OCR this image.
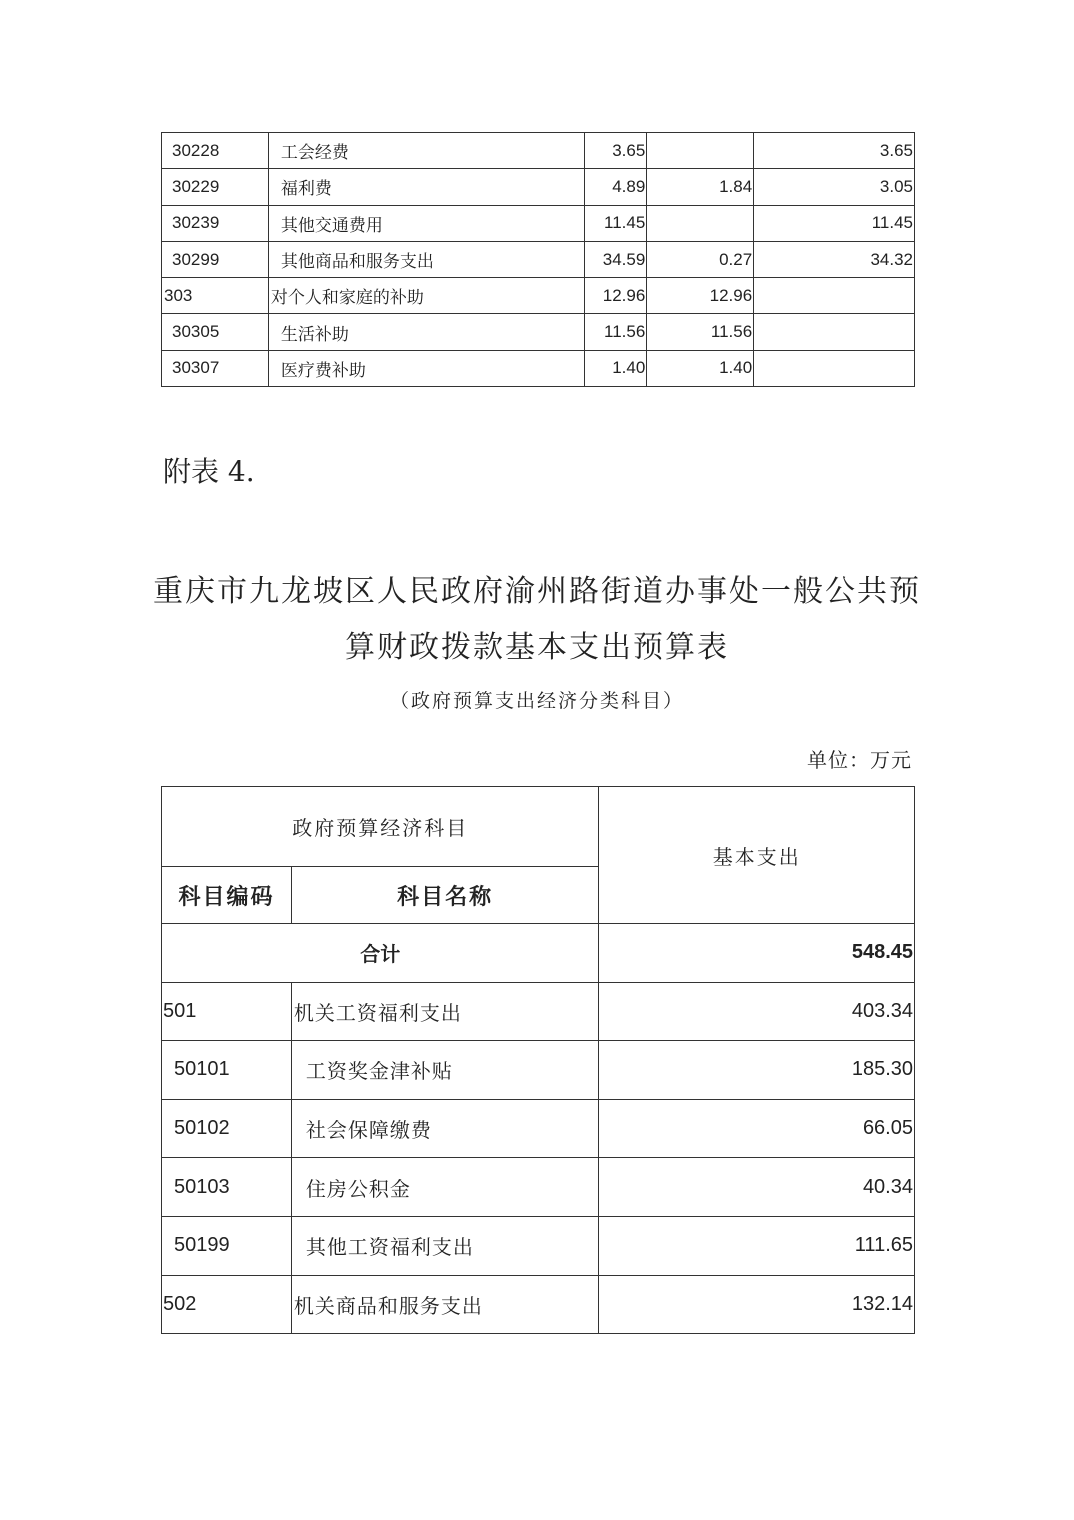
30228	工会经费	3.65		3.65
30229	福利费	4.89	1.84	3.05
30239	其他交通费用	11.45		11.45
30299	其他商品和服务支出	34.59	0.27	34.32
303	对个人和家庭的补助	12.96	12.96	
30305	生活补助	11.56	11.56	
30307	医疗费补助	1.40	1.40	
附表 4.
重庆市九龙坡区人民政府渝州路街道办事处一般公共预
算财政拨款基本支出预算表
（政府预算支出经济分类科目）
单位：万元
政府预算经济科目		基本支出
科目编码	科目名称	
合计		548.45
501	机关工资福利支出	403.34
50101	工资奖金津补贴	185.30
50102	社会保障缴费	66.05
50103	住房公积金	40.34
50199	其他工资福利支出	111.65
502	机关商品和服务支出	132.14
